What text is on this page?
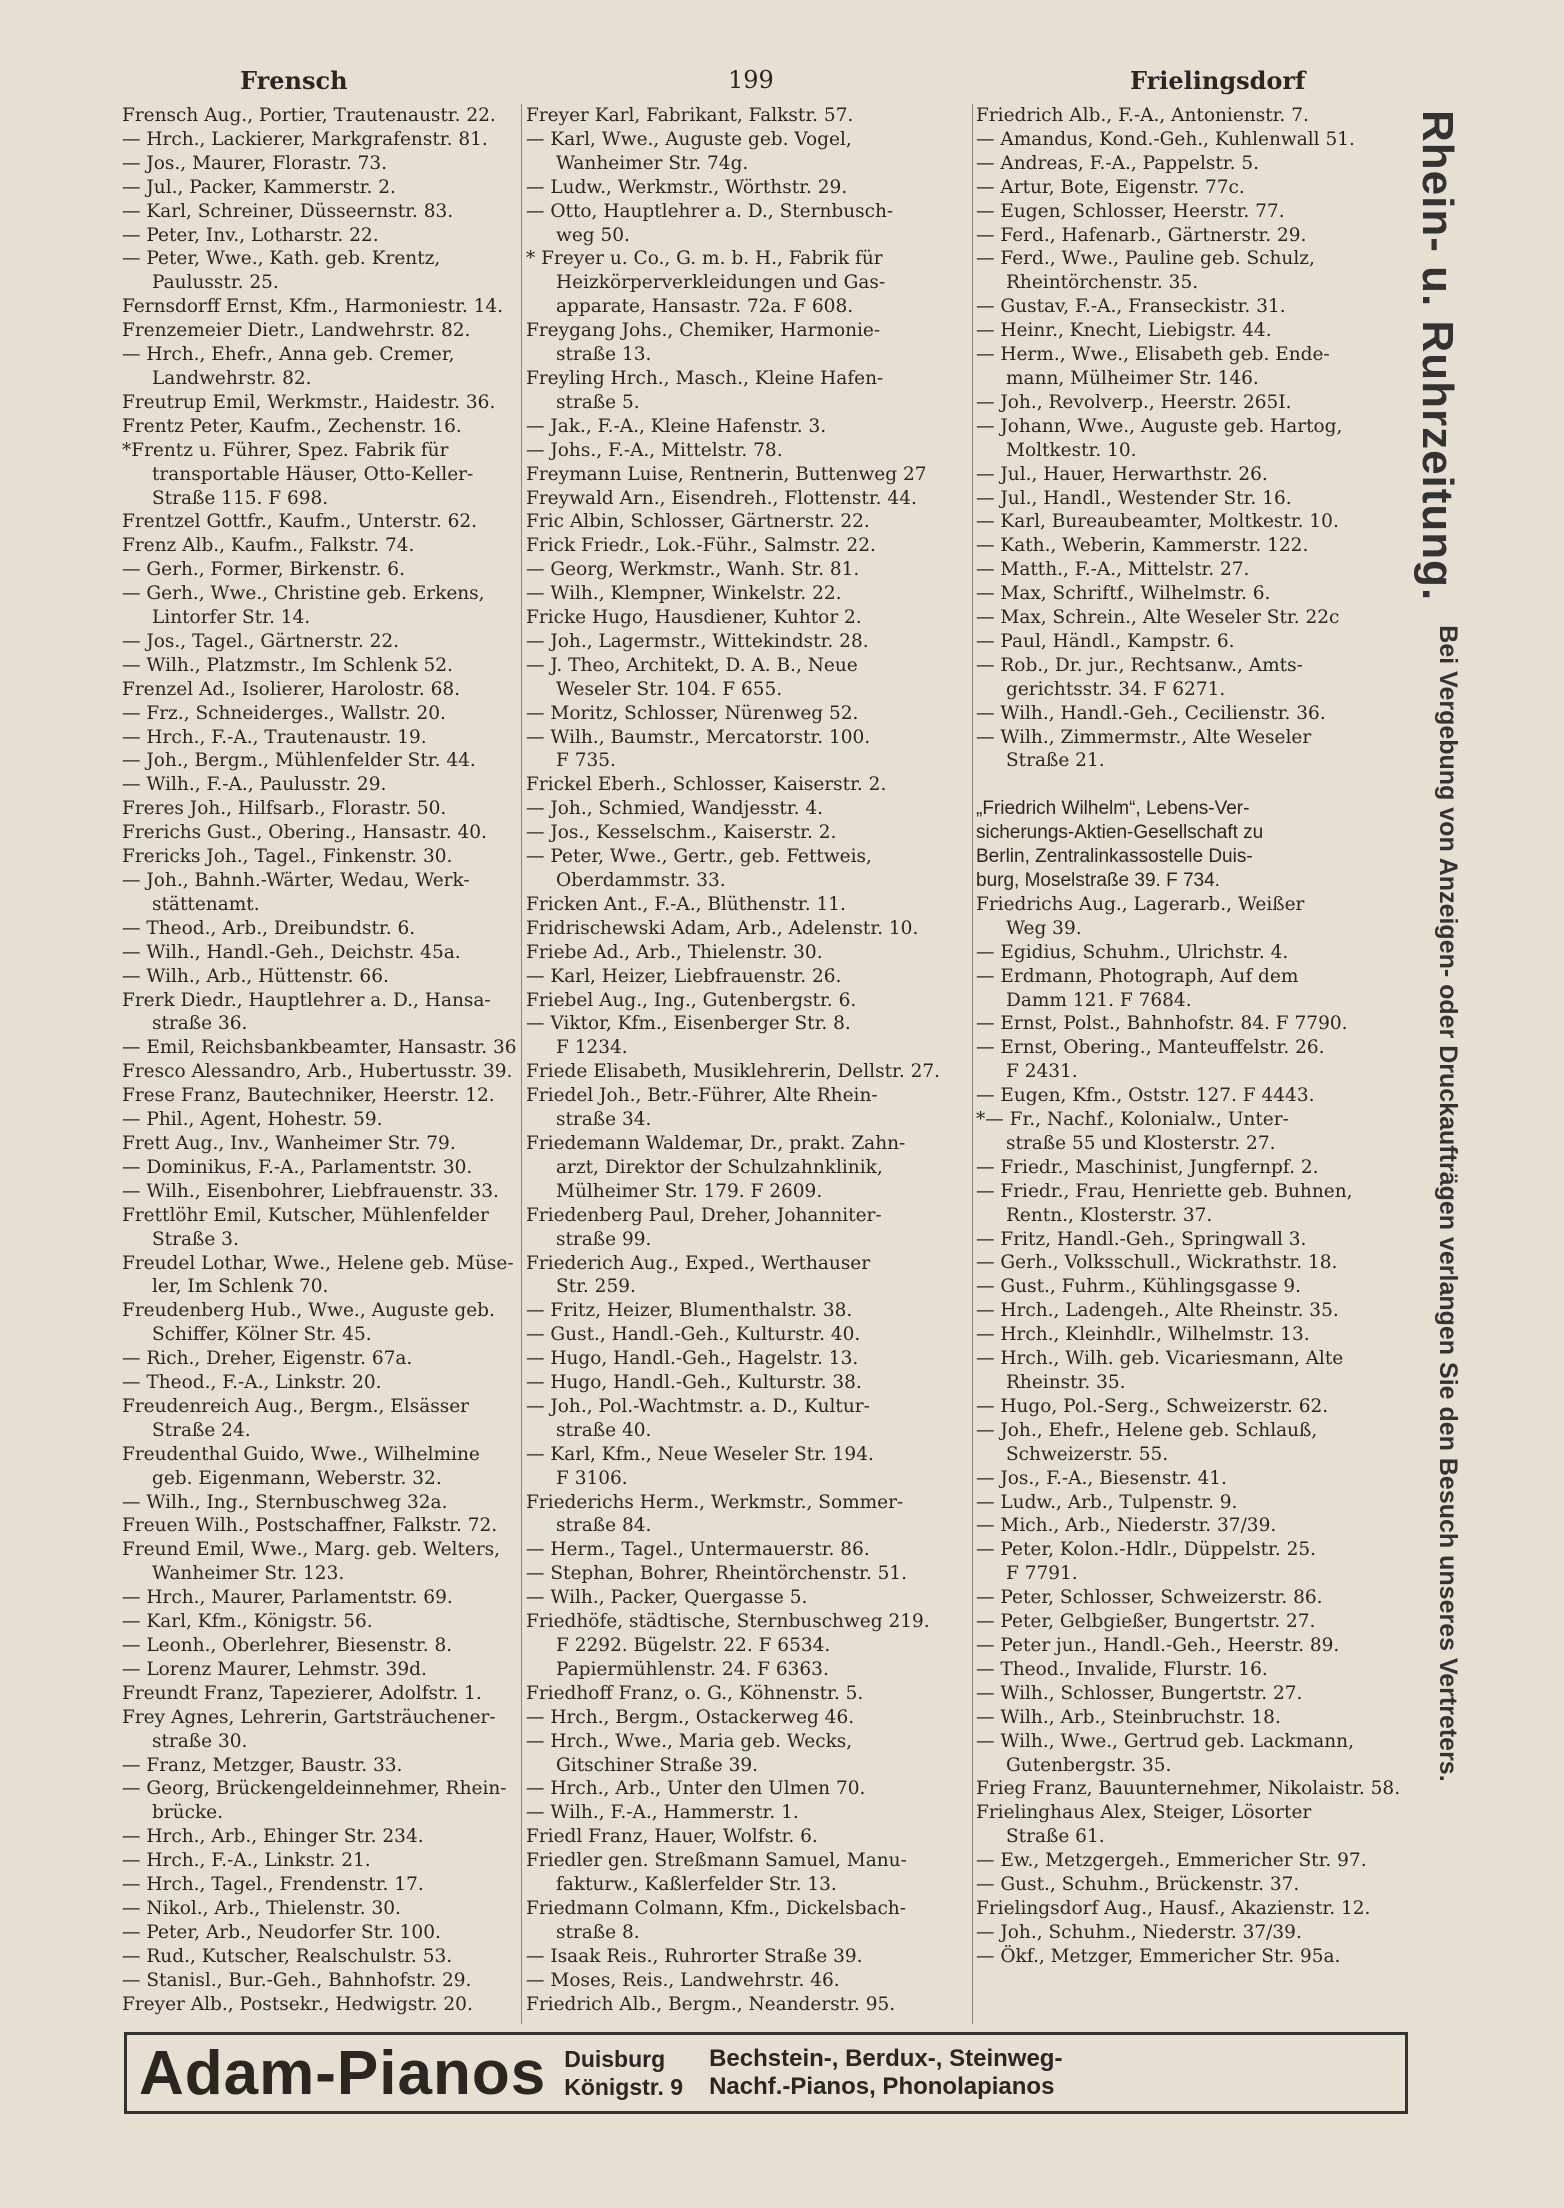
Frensch	199	Frielingsdorf
Frensch Aug., Portier, Trautenaustr. 22.
— Hrch., Lackierer, Markgrafenstr. 81.
— Jos., Maurer, Florastr. 73.
— Jul., Packer, Kammerstr. 2.
— Karl, Schreiner, Düsseernstr. 83.
— Peter, Inv., Lotharstr. 22.
— Peter, Wwe., Kath. geb. Krentz,
Paulusstr. 25.
Fernsdorff Ernst, Kfm., Harmoniestr. 14.
Frenzemeier Dietr., Landwehrstr. 82.
— Hrch., Ehefr., Anna geb. Cremer,
Landwehrstr. 82.
Freutrup Emil, Werkmstr., Haidestr. 36.
Frentz Peter, Kaufm., Zechenstr. 16.
*Frentz u. Führer, Spez. Fabrik für
transportable Häuser, Otto-Keller-
Straße 115. F 698.
Frentzel Gottfr., Kaufm., Unterstr. 62.
Frenz Alb., Kaufm., Falkstr. 74.
— Gerh., Former, Birkenstr. 6.
— Gerh., Wwe., Christine geb. Erkens,
Lintorfer Str. 14.
— Jos., Tagel., Gärtnerstr. 22.
— Wilh., Platzmstr., Im Schlenk 52.
Frenzel Ad., Isolierer, Harolostr. 68.
— Frz., Schneiderges., Wallstr. 20.
— Hrch., F.-A., Trautenaustr. 19.
— Joh., Bergm., Mühlenfelder Str. 44.
— Wilh., F.-A., Paulusstr. 29.
Freres Joh., Hilfsarb., Florastr. 50.
Frerichs Gust., Obering., Hansastr. 40.
Frericks Joh., Tagel., Finkenstr. 30.
— Joh., Bahnh.-Wärter, Wedau, Werk-
stättenamt.
— Theod., Arb., Dreibundstr. 6.
— Wilh., Handl.-Geh., Deichstr. 45a.
— Wilh., Arb., Hüttenstr. 66.
Frerk Diedr., Hauptlehrer a. D., Hansa-
straße 36.
— Emil, Reichsbankbeamter, Hansastr. 36
Fresco Alessandro, Arb., Hubertusstr. 39.
Frese Franz, Bautechniker, Heerstr. 12.
— Phil., Agent, Hohestr. 59.
Frett Aug., Inv., Wanheimer Str. 79.
— Dominikus, F.-A., Parlamentstr. 30.
— Wilh., Eisenbohrer, Liebfrauenstr. 33.
Frettlöhr Emil, Kutscher, Mühlenfelder
Straße 3.
Freudel Lothar, Wwe., Helene geb. Müse-
ler, Im Schlenk 70.
Freudenberg Hub., Wwe., Auguste geb.
Schiffer, Kölner Str. 45.
— Rich., Dreher, Eigenstr. 67a.
— Theod., F.-A., Linkstr. 20.
Freudenreich Aug., Bergm., Elsässer
Straße 24.
Freudenthal Guido, Wwe., Wilhelmine
geb. Eigenmann, Weberstr. 32.
— Wilh., Ing., Sternbuschweg 32a.
Freuen Wilh., Postschaffner, Falkstr. 72.
Freund Emil, Wwe., Marg. geb. Welters,
Wanheimer Str. 123.
— Hrch., Maurer, Parlamentstr. 69.
— Karl, Kfm., Königstr. 56.
— Leonh., Oberlehrer, Biesenstr. 8.
— Lorenz Maurer, Lehmstr. 39d.
Freundt Franz, Tapezierer, Adolfstr. 1.
Frey Agnes, Lehrerin, Gartsträuchener-
straße 30.
— Franz, Metzger, Baustr. 33.
— Georg, Brückengeldeinnehmer, Rhein-
brücke.
— Hrch., Arb., Ehinger Str. 234.
— Hrch., F.-A., Linkstr. 21.
— Hrch., Tagel., Frendenstr. 17.
— Nikol., Arb., Thielenstr. 30.
— Peter, Arb., Neudorfer Str. 100.
— Rud., Kutscher, Realschulstr. 53.
— Stanisl., Bur.-Geh., Bahnhofstr. 29.
Freyer Alb., Postsekr., Hedwigstr. 20.
Freyer Karl, Fabrikant, Falkstr. 57.
— Karl, Wwe., Auguste geb. Vogel,
Wanheimer Str. 74g.
— Ludw., Werkmstr., Wörthstr. 29.
— Otto, Hauptlehrer a. D., Sternbusch-
weg 50.
* Freyer u. Co., G. m. b. H., Fabrik für
Heizkörperverkleidungen und Gas-
apparate, Hansastr. 72a. F 608.
Freygang Johs., Chemiker, Harmonie-
straße 13.
Freyling Hrch., Masch., Kleine Hafen-
straße 5.
— Jak., F.-A., Kleine Hafenstr. 3.
— Johs., F.-A., Mittelstr. 78.
Freymann Luise, Rentnerin, Buttenweg 27
Freywald Arn., Eisendreh., Flottenstr. 44.
Fric Albin, Schlosser, Gärtnerstr. 22.
Frick Friedr., Lok.-Führ., Salmstr. 22.
— Georg, Werkmstr., Wanh. Str. 81.
— Wilh., Klempner, Winkelstr. 22.
Fricke Hugo, Hausdiener, Kuhtor 2.
— Joh., Lagermstr., Wittekindstr. 28.
— J. Theo, Architekt, D. A. B., Neue
Weseler Str. 104. F 655.
— Moritz, Schlosser, Nürenweg 52.
— Wilh., Baumstr., Mercatorstr. 100.
F 735.
Frickel Eberh., Schlosser, Kaiserstr. 2.
— Joh., Schmied, Wandjesstr. 4.
— Jos., Kesselschm., Kaiserstr. 2.
— Peter, Wwe., Gertr., geb. Fettweis,
Oberdammstr. 33.
Fricken Ant., F.-A., Blüthenstr. 11.
Fridrischewski Adam, Arb., Adelenstr. 10.
Friebe Ad., Arb., Thielenstr. 30.
— Karl, Heizer, Liebfrauenstr. 26.
Friebel Aug., Ing., Gutenbergstr. 6.
— Viktor, Kfm., Eisenberger Str. 8.
F 1234.
Friede Elisabeth, Musiklehrerin, Dellstr. 27.
Friedel Joh., Betr.-Führer, Alte Rhein-
straße 34.
Friedemann Waldemar, Dr., prakt. Zahn-
arzt, Direktor der Schulzahnklinik,
Mülheimer Str. 179. F 2609.
Friedenberg Paul, Dreher, Johanniter-
straße 99.
Friederich Aug., Exped., Werthauser
Str. 259.
— Fritz, Heizer, Blumenthalstr. 38.
— Gust., Handl.-Geh., Kulturstr. 40.
— Hugo, Handl.-Geh., Hagelstr. 13.
— Hugo, Handl.-Geh., Kulturstr. 38.
— Joh., Pol.-Wachtmstr. a. D., Kultur-
straße 40.
— Karl, Kfm., Neue Weseler Str. 194.
F 3106.
Friederichs Herm., Werkmstr., Sommer-
straße 84.
— Herm., Tagel., Untermauerstr. 86.
— Stephan, Bohrer, Rheintörchenstr. 51.
— Wilh., Packer, Quergasse 5.
Friedhöfe, städtische, Sternbuschweg 219.
F 2292. Bügelstr. 22. F 6534.
Papiermühlenstr. 24. F 6363.
Friedhoff Franz, o. G., Köhnenstr. 5.
— Hrch., Bergm., Ostackerweg 46.
— Hrch., Wwe., Maria geb. Wecks,
Gitschiner Straße 39.
— Hrch., Arb., Unter den Ulmen 70.
— Wilh., F.-A., Hammerstr. 1.
Friedl Franz, Hauer, Wolfstr. 6.
Friedler gen. Streßmann Samuel, Manu-
fakturw., Kaßlerfelder Str. 13.
Friedmann Colmann, Kfm., Dickelsbach-
straße 8.
— Isaak Reis., Ruhrorter Straße 39.
— Moses, Reis., Landwehrstr. 46.
Friedrich Alb., Bergm., Neanderstr. 95.
Friedrich Alb., F.-A., Antonienstr. 7.
— Amandus, Kond.-Geh., Kuhlenwall 51.
— Andreas, F.-A., Pappelstr. 5.
— Artur, Bote, Eigenstr. 77c.
— Eugen, Schlosser, Heerstr. 77.
— Ferd., Hafenarb., Gärtnerstr. 29.
— Ferd., Wwe., Pauline geb. Schulz,
Rheintörchenstr. 35.
— Gustav, F.-A., Franseckistr. 31.
— Heinr., Knecht, Liebigstr. 44.
— Herm., Wwe., Elisabeth geb. Ende-
mann, Mülheimer Str. 146.
— Joh., Revolverp., Heerstr. 265I.
— Johann, Wwe., Auguste geb. Hartog,
Moltkestr. 10.
— Jul., Hauer, Herwarthstr. 26.
— Jul., Handl., Westender Str. 16.
— Karl, Bureaubeamter, Moltkestr. 10.
— Kath., Weberin, Kammerstr. 122.
— Matth., F.-A., Mittelstr. 27.
— Max, Schriftf., Wilhelmstr. 6.
— Max, Schrein., Alte Weseler Str. 22c
— Paul, Händl., Kampstr. 6.
— Rob., Dr. jur., Rechtsanw., Amts-
gerichtsstr. 34. F 6271.
— Wilh., Handl.-Geh., Cecilienstr. 36.
— Wilh., Zimmermstr., Alte Weseler
Straße 21.
„Friedrich Wilhelm“, Lebens-Ver-
sicherungs-Aktien-Gesellschaft zu
Berlin, Zentralinkassostelle Duis-
burg, Moselstraße 39. F 734.
Friedrichs Aug., Lagerarb., Weißer
Weg 39.
— Egidius, Schuhm., Ulrichstr. 4.
— Erdmann, Photograph, Auf dem
Damm 121. F 7684.
— Ernst, Polst., Bahnhofstr. 84. F 7790.
— Ernst, Obering., Manteuffelstr. 26.
F 2431.
— Eugen, Kfm., Oststr. 127. F 4443.
*— Fr., Nachf., Kolonialw., Unter-
straße 55 und Klosterstr. 27.
— Friedr., Maschinist, Jungfernpf. 2.
— Friedr., Frau, Henriette geb. Buhnen,
Rentn., Klosterstr. 37.
— Fritz, Handl.-Geh., Springwall 3.
— Gerh., Volksschull., Wickrathstr. 18.
— Gust., Fuhrm., Kühlingsgasse 9.
— Hrch., Ladengeh., Alte Rheinstr. 35.
— Hrch., Kleinhdlr., Wilhelmstr. 13.
— Hrch., Wilh. geb. Vicariesmann, Alte
Rheinstr. 35.
— Hugo, Pol.-Serg., Schweizerstr. 62.
— Joh., Ehefr., Helene geb. Schlauß,
Schweizerstr. 55.
— Jos., F.-A., Biesenstr. 41.
— Ludw., Arb., Tulpenstr. 9.
— Mich., Arb., Niederstr. 37/39.
— Peter, Kolon.-Hdlr., Düppelstr. 25.
F 7791.
— Peter, Schlosser, Schweizerstr. 86.
— Peter, Gelbgießer, Bungertstr. 27.
— Peter jun., Handl.-Geh., Heerstr. 89.
— Theod., Invalide, Flurstr. 16.
— Wilh., Schlosser, Bungertstr. 27.
— Wilh., Arb., Steinbruchstr. 18.
— Wilh., Wwe., Gertrud geb. Lackmann,
Gutenbergstr. 35.
Frieg Franz, Bauunternehmer, Nikolaistr. 58.
Frielinghaus Alex, Steiger, Lösorter
Straße 61.
— Ew., Metzgergeh., Emmericher Str. 97.
— Gust., Schuhm., Brückenstr. 37.
Frielingsdorf Aug., Hausf., Akazienstr. 12.
— Joh., Schuhm., Niederstr. 37/39.
— Ökf., Metzger, Emmericher Str. 95a.
Rhein- u. Ruhrzeitung.
Bei Vergebung von Anzeigen- oder Druckaufträgen verlangen Sie den Besuch unseres Vertreters.
Adam-Pianos Duisburg
Königstr. 9
Bechstein-, Berdux-, Steinweg-
Nachf.-Pianos, Phonolapianos
